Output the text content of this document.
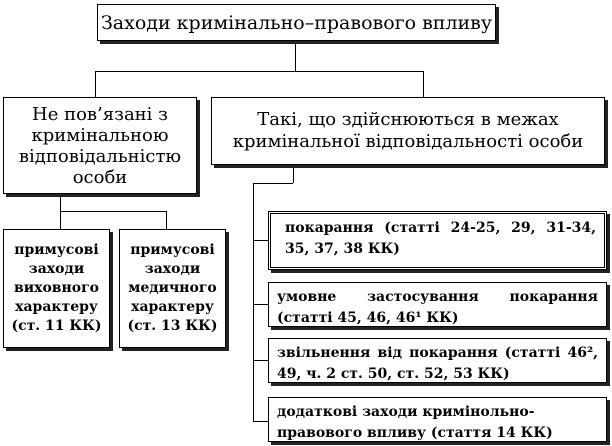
Заходи кримінально–правового впливу
Не пов’язані з кримінальною відповідальністю особи
Такі, що здійснюються в межах кримінальної відповідальності особи
примусові заходи виховного характеру (ст. 11 КК)
примусові заходи медичного характеру (ст. 13 КК)
покарання (статті 24-25, 29, 31-34,
35, 37, 38 КК)
умовне застосування покарання
(статті 45, 46, 46¹ КК)
звільнення від покарання (статті 46²,
49, ч. 2 ст. 50, ст. 52, 53 КК)
додаткові заходи кримінольно-
правового впливу (стаття 14 КК)
